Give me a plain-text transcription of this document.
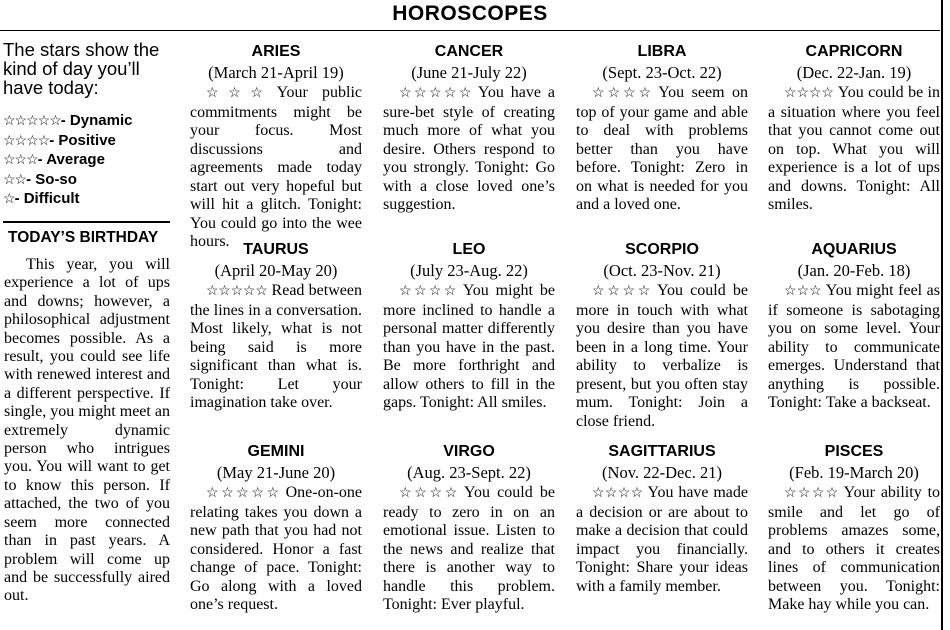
HOROSCOPES
The stars show the kind of day you’ll have today:
☆☆☆☆☆- Dynamic
☆☆☆☆- Positive
☆☆☆- Average
☆☆- So-so
☆- Difficult
TODAY’S BIRTHDAY
This year, you will experience a lot of ups and downs; however, a philosophical adjustment becomes possible. As a result, you could see life with renewed interest and a different perspective. If single, you might meet an extremely dynamic person who intrigues you. You will want to get to know this person. If attached, the two of you seem more connected than in past years. A problem will come up and be successfully aired out.
ARIES
(March 21-April 19)
☆☆☆ Your public commitments might be your focus. Most discussions and agreements made today start out very hopeful but will hit a glitch. Tonight: You could go into the wee hours. TAURUS
(April 20-May 20)
☆☆☆☆☆ Read between the lines in a conversation. Most likely, what is not being said is more significant than what is. Tonight: Let your imagination take over.
GEMINI
(May 21-June 20)
☆☆☆☆☆ One-on-one relating takes you down a new path that you had not considered. Honor a fast change of pace. Tonight: Go along with a loved one’s request.
CANCER
(June 21-July 22)
☆☆☆☆☆ You have a sure-bet style of creating much more of what you desire. Others respond to you strongly. Tonight: Go with a close loved one’s suggestion.
LEO
(July 23-Aug. 22)
☆☆☆☆ You might be more inclined to handle a personal matter differently than you have in the past. Be more forthright and allow others to fill in the gaps. Tonight: All smiles.
VIRGO
(Aug. 23-Sept. 22)
☆☆☆☆ You could be ready to zero in on an emotional issue. Listen to the news and realize that there is another way to handle this problem. Tonight: Ever playful.
LIBRA
(Sept. 23-Oct. 22)
☆☆☆☆ You seem on top of your game and able to deal with problems better than you have before. Tonight: Zero in on what is needed for you and a loved one.
SCORPIO
(Oct. 23-Nov. 21)
☆☆☆☆ You could be more in touch with what you desire than you have been in a long time. Your ability to verbalize is present, but you often stay mum. Tonight: Join a close friend.
SAGITTARIUS
(Nov. 22-Dec. 21)
☆☆☆☆ You have made a decision or are about to make a decision that could impact you financially. Tonight: Share your ideas with a family member.
CAPRICORN
(Dec. 22-Jan. 19)
☆☆☆☆ You could be in a situation where you feel that you cannot come out on top. What you will experience is a lot of ups and downs. Tonight: All smiles.
AQUARIUS
(Jan. 20-Feb. 18)
☆☆☆ You might feel as if someone is sabotaging you on some level. Your ability to communicate emerges. Understand that anything is possible. Tonight: Take a backseat.
PISCES
(Feb. 19-March 20)
☆☆☆☆ Your ability to smile and let go of problems amazes some, and to others it creates lines of communication between you. Tonight: Make hay while you can.
